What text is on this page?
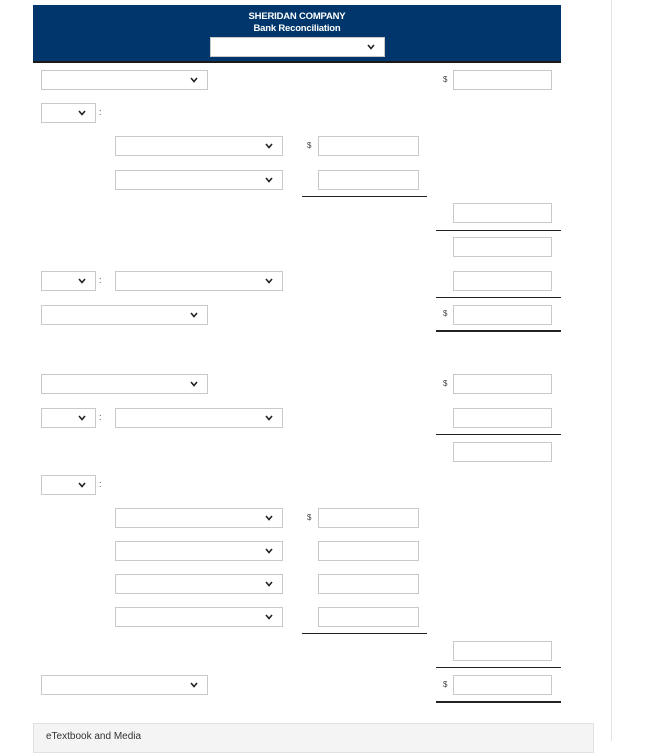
SHERIDAN COMPANY
Bank Reconciliation
$
:
$
:
$
$
:
:
$
$
eTextbook and Media
